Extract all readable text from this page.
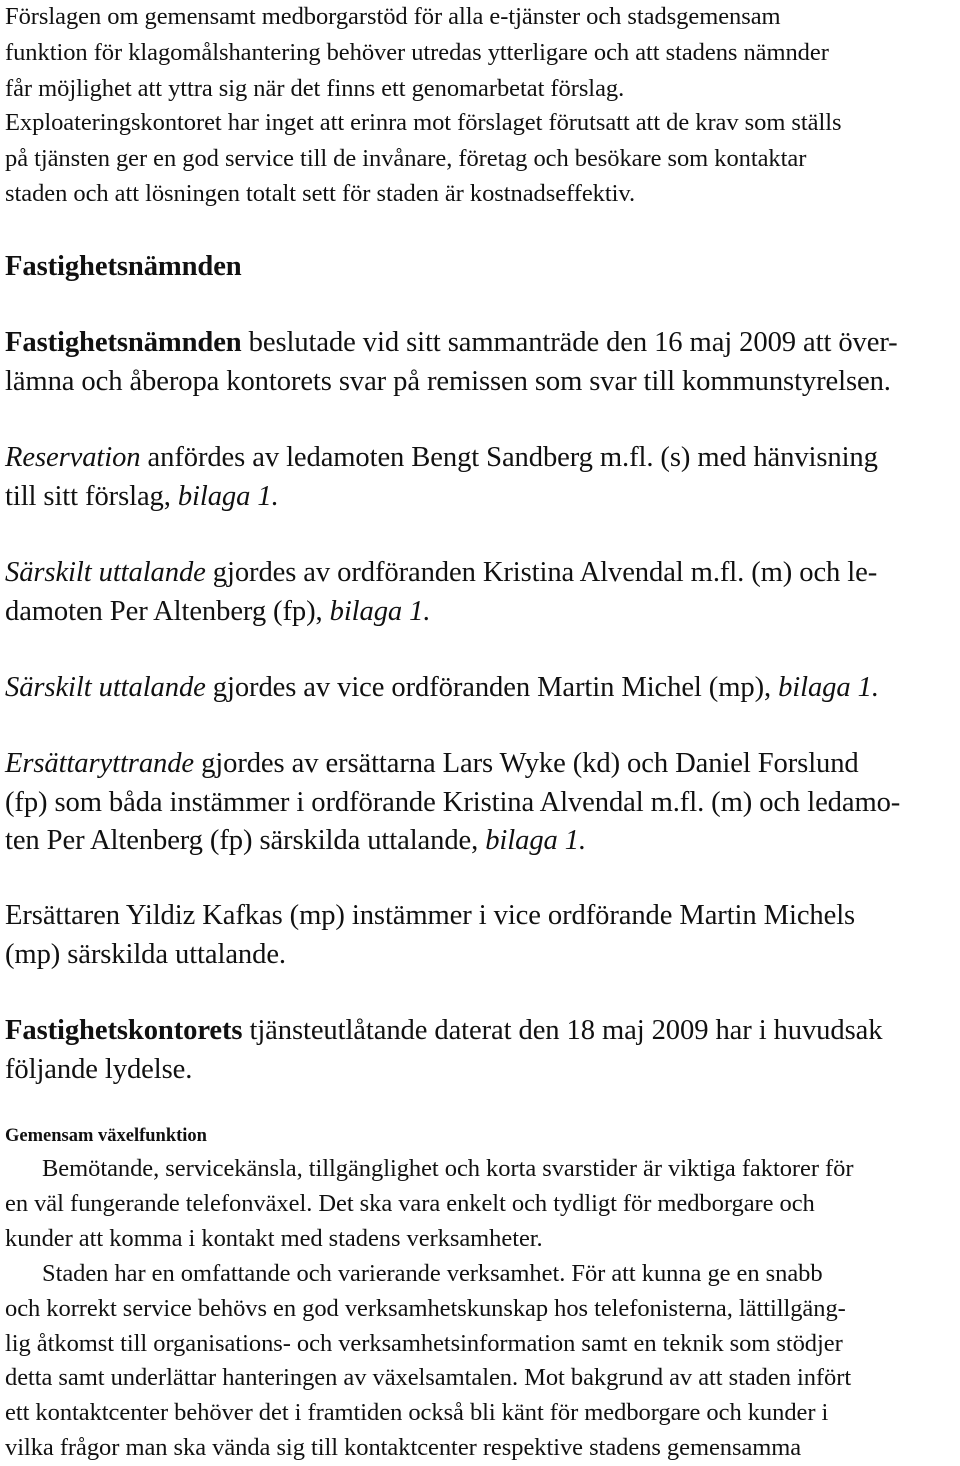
Förslagen om gemensamt medborgarstöd för alla e-tjänster och stadsgemensam

funktion för klagomålshantering behöver utredas ytterligare och att stadens nämnder

får möjlighet att yttra sig när det finns ett genomarbetat förslag.

Exploateringskontoret har inget att erinra mot förslaget förutsatt att de krav som ställs

på tjänsten ger en god service till de invånare, företag och besökare som kontaktar

staden och att lösningen totalt sett för staden är kostnadseffektiv.

Fastighetsnämnden

Fastighetsnämnden beslutade vid sitt sammanträde den 16 maj 2009 att över-

lämna och åberopa kontorets svar på remissen som svar till kommunstyrelsen.

Reservation anfördes av ledamoten Bengt Sandberg m.fl. (s) med hänvisning

till sitt förslag, bilaga 1.

Särskilt uttalande gjordes av ordföranden Kristina Alvendal m.fl. (m) och le-

damoten Per Altenberg (fp), bilaga 1.

Särskilt uttalande gjordes av vice ordföranden Martin Michel (mp), bilaga 1.

Ersättaryttrande gjordes av ersättarna Lars Wyke (kd) och Daniel Forslund

(fp) som båda instämmer i ordförande Kristina Alvendal m.fl. (m) och ledamo-

ten Per Altenberg (fp) särskilda uttalande, bilaga 1.

Ersättaren Yildiz Kafkas (mp) instämmer i vice ordförande Martin Michels

(mp) särskilda uttalande.

Fastighetskontorets tjänsteutlåtande daterat den 18 maj 2009 har i huvudsak

följande lydelse.

Gemensam växelfunktion

Bemötande, servicekänsla, tillgänglighet och korta svarstider är viktiga faktorer för

en väl fungerande telefonväxel. Det ska vara enkelt och tydligt för medborgare och

kunder att komma i kontakt med stadens verksamheter.

Staden har en omfattande och varierande verksamhet. För att kunna ge en snabb

och korrekt service behövs en god verksamhetskunskap hos telefonisterna, lättillgäng-

lig åtkomst till organisations- och verksamhetsinformation samt en teknik som stödjer

detta samt underlättar hanteringen av växelsamtalen. Mot bakgrund av att staden infört

ett kontaktcenter behöver det i framtiden också bli känt för medborgare och kunder i

vilka frågor man ska vända sig till kontaktcenter respektive stadens gemensamma
